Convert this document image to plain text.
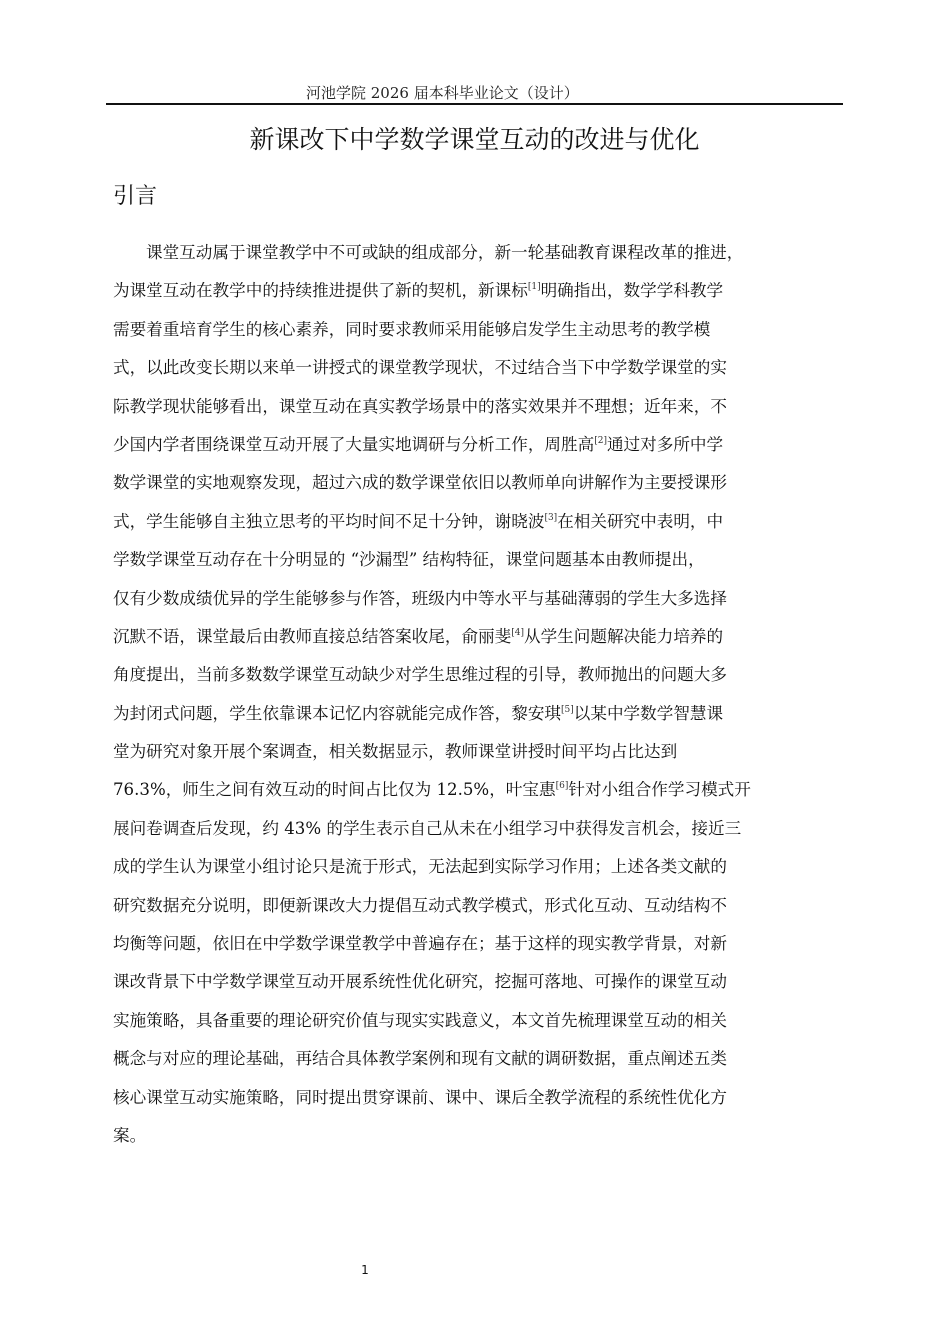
河池学院 2026 届本科毕业论文（设计）
新课改下中学数学课堂互动的改进与优化
引言
课堂互动属于课堂教学中不可或缺的组成部分，新一轮基础教育课程改革的推进，
为课堂互动在教学中的持续推进提供了新的契机，新课标[1]明确指出，数学学科教学
需要着重培育学生的核心素养，同时要求教师采用能够启发学生主动思考的教学模
式，以此改变长期以来单一讲授式的课堂教学现状，不过结合当下中学数学课堂的实
际教学现状能够看出，课堂互动在真实教学场景中的落实效果并不理想；近年来，不
少国内学者围绕课堂互动开展了大量实地调研与分析工作，周胜高[2]通过对多所中学
数学课堂的实地观察发现，超过六成的数学课堂依旧以教师单向讲解作为主要授课形
式，学生能够自主独立思考的平均时间不足十分钟，谢晓波[3]在相关研究中表明，中
学数学课堂互动存在十分明显的 “沙漏型” 结构特征，课堂问题基本由教师提出，
仅有少数成绩优异的学生能够参与作答，班级内中等水平与基础薄弱的学生大多选择
沉默不语，课堂最后由教师直接总结答案收尾，俞丽斐[4]从学生问题解决能力培养的
角度提出，当前多数数学课堂互动缺少对学生思维过程的引导，教师抛出的问题大多
为封闭式问题，学生依靠课本记忆内容就能完成作答，黎安琪[5]以某中学数学智慧课
堂为研究对象开展个案调查，相关数据显示，教师课堂讲授时间平均占比达到
76.3%，师生之间有效互动的时间占比仅为 12.5%，叶宝惠[6]针对小组合作学习模式开
展问卷调查后发现，约 43% 的学生表示自己从未在小组学习中获得发言机会，接近三
成的学生认为课堂小组讨论只是流于形式，无法起到实际学习作用；上述各类文献的
研究数据充分说明，即便新课改大力提倡互动式教学模式，形式化互动、互动结构不
均衡等问题，依旧在中学数学课堂教学中普遍存在；基于这样的现实教学背景，对新
课改背景下中学数学课堂互动开展系统性优化研究，挖掘可落地、可操作的课堂互动
实施策略，具备重要的理论研究价值与现实实践意义，本文首先梳理课堂互动的相关
概念与对应的理论基础，再结合具体教学案例和现有文献的调研数据，重点阐述五类
核心课堂互动实施策略，同时提出贯穿课前、课中、课后全教学流程的系统性优化方
案。
1
